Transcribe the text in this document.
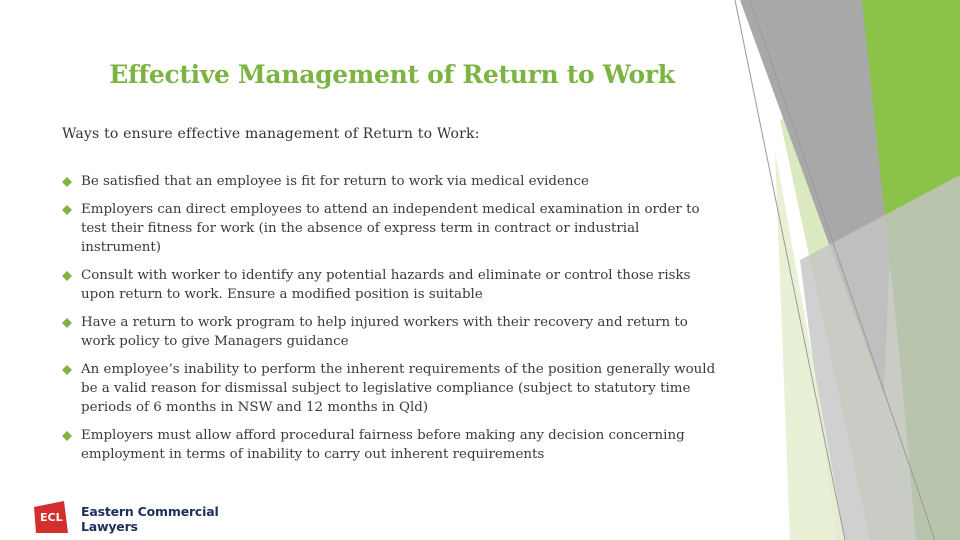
Effective Management of Return to Work
Ways to ensure effective management of Return to Work:
Be satisfied that an employee is fit for return to work via medical evidence
Employers can direct employees to attend an independent medical examination in order to test their fitness for work (in the absence of express term in contract or industrial instrument)
Consult with worker to identify any potential hazards and eliminate or control those risks upon return to work. Ensure a modified position is suitable
Have a return to work program to help injured workers with their recovery and return to work policy to give Managers guidance
An employee’s inability to perform the inherent requirements of the position generally would be a valid reason for dismissal subject to legislative compliance (subject to statutory time periods of 6 months in NSW and 12 months in Qld)
Employers must allow afford procedural fairness before making any decision concerning employment in terms of inability to carry out inherent requirements
ECL Eastern Commercial Lawyers
